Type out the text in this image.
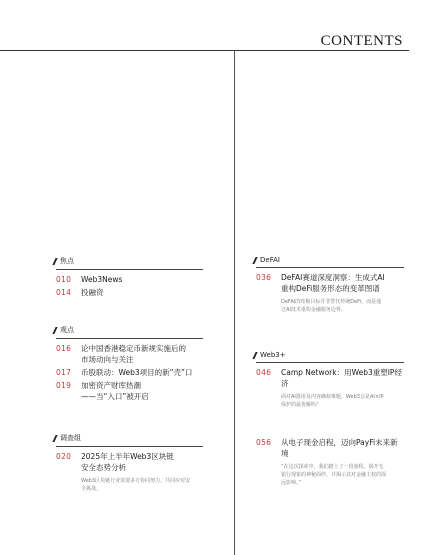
CONTENTS
焦点
010	Web3News
014	投融资
观点
016	论中国香港稳定币新规实施后的
市场动向与关注
017	币股联动：Web3项目的新“壳”口
019	加密资产财库热潮
——当“入口”被开启
调查组
020	2025年上半年Web3区块链
安全态势分析
Web3区块链行业需要多方协同努力，共同应对安
全挑战。
DeFAI
036	DeFAI赛道深度洞察：生成式AI
重构DeFi服务形态的变革图谱
DeFAI的终极目标并非替代传统DeFi，而是通
过AI技术重构金融服务边界。
Web3+
046	Camp Network：用Web3重塑IP经济
面对AI滥用及内容确权难题，Web3会是AI×IP
保护的最优解吗？
056	从电子现金启程，迈向PayFi未来新境
“在这次探索中，我们踏上了一段旅程，揭开无
银行现象的神秘面纱，并揭示其对金融主权的深
远影响。”
